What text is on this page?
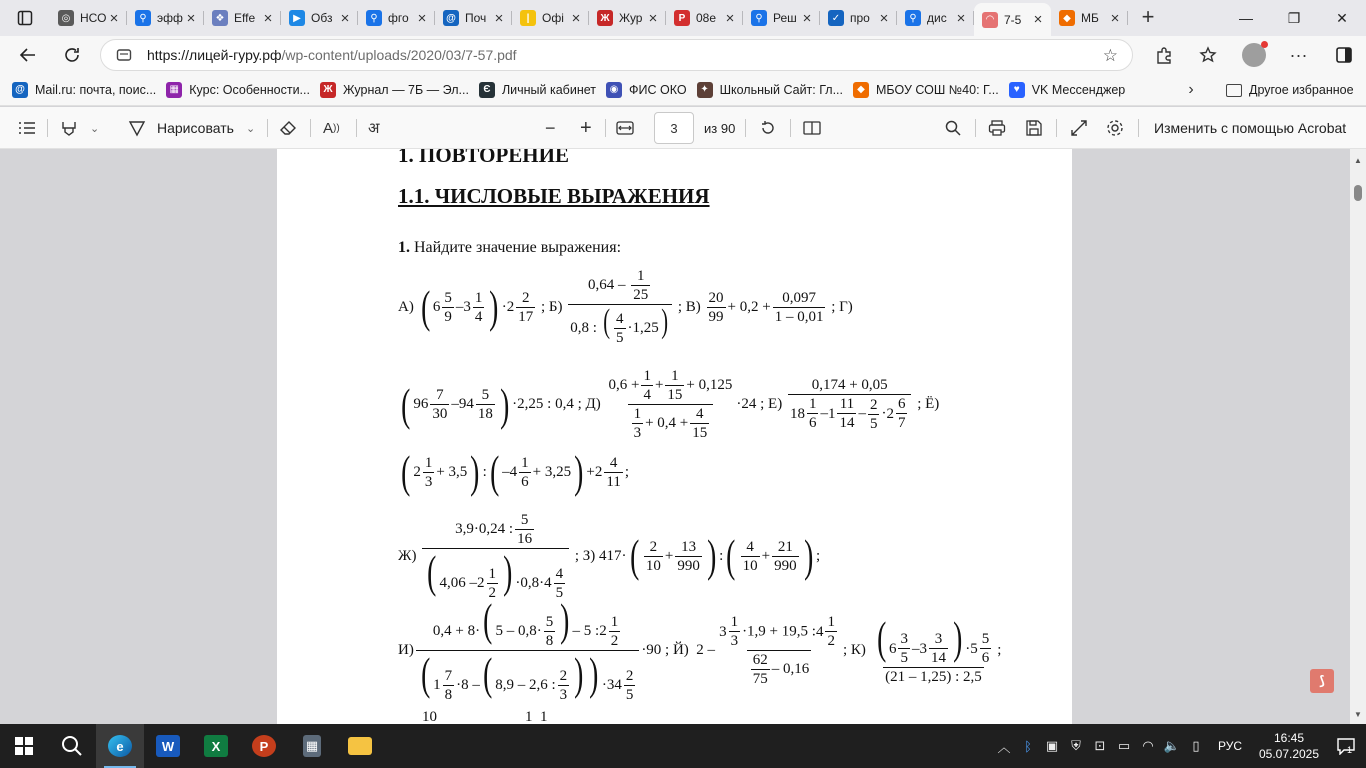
◎ НСО ×	⚲ эфф ×	❖ Effe ×	▶ Обз ×	⚲ фго ×	@ Поч ×	|	Офі ×	Ж Жур ×	P 08е ×	⚲ Реш ×	✓ про ×	⚲ дис ×	◠ 7-5 ×	◆ МБ ×	+	—	❐	✕
https://лицей-гуру.рф/wp-content/uploads/2020/03/7-57.pdf	☆	···
@ Mail.ru: почта, поис...	▦ Курс: Особенности...	Ж Журнал — 7Б — Эл...	Є Личный кабинет	◉ ФИС ОКО	✦ Школьный Сайт: Гл...	◆ МБОУ СОШ №40: Г...	♥ VK Мессенджер	›	Другое избранное
⌄	Нарисовать ⌄	A )) अ	− +	3	из 90	Изменить с помощью Acrobat
1. ПОВТОРЕНИЕ
1.1. ЧИСЛОВЫЕ ВЫРАЖЕНИЯ
1. Найдите значение выражения:
А) ( $6 \frac{5}{9} - 3 \frac{1}{4}$ ) · $2 \frac{2}{17}$ ; $Б) \frac{0,64 - \frac{1}{25}}{0,8 : ( \frac{4}{5} \cdot 1,25)}$ ; $В) \frac{20}{99} + 0,2 + \frac{0,097}{1 - 0,01}$ ; Г)
( $96 \frac{7}{30} - 94 \frac{5}{18}$ ) ·2,25 : 0,4 ; $Д) \frac{0,6 + \frac{1}{4} + \frac{1}{15} + 0,125}{\frac{1}{3} + 0,4 + \frac{4}{15}} \cdot 24$ ; $Е) \frac{0,174 + 0,05}{18 \frac{1}{6} -1 \frac{11}{14} - \frac{2}{5} \cdot 2 \frac{6}{7}}$ ; Ё)
( $2 \frac{1}{3} + 3,5$ ) : ( – $4 \frac{1}{6} + 3,25$ ) + $2 \frac{4}{11}$ ;
$Ж) \frac{3,9\cdot 0,24 : \frac{5}{16}}{( 4,06 -2 \frac{1}{2} ) \cdot 0,8\cdot 4 \frac{4}{5}}$ ; З) 417· ( $\frac{2}{10} + \frac{13}{990}$ ) : ( $\frac{4}{10} + \frac{21}{990}$ ) ;
$И) \frac{0,4 + 8\cdot( 5 - 0,8\cdot \frac{5}{8} ) - 5 :2 \frac{1}{2}}{( 1 \frac{7}{8} \cdot 8 -( 8,9 - 2,6 : \frac{2}{3} ) ) \cdot 34 \frac{2}{5}} \cdot 90$ ; Й)  $2 - \frac{3 \frac{1}{3} \cdot 1,9 + 19,5 :4 \frac{1}{2}}{\frac{62}{75} - 0,16}$ ; $К) \frac{( 6 \frac{3}{5} -3 \frac{3}{14} ) \cdot 5 \frac{5}{6}}{(21 - 1,25) : 2,5}$ ;
10	1  1
▲
▼
⟆
e	W	X	P	▦	︿	ᛒ	▣ ⛨	⊡ ▭ ◠ 🔈 ▯	РУС
16:45
05.07.2025	1
